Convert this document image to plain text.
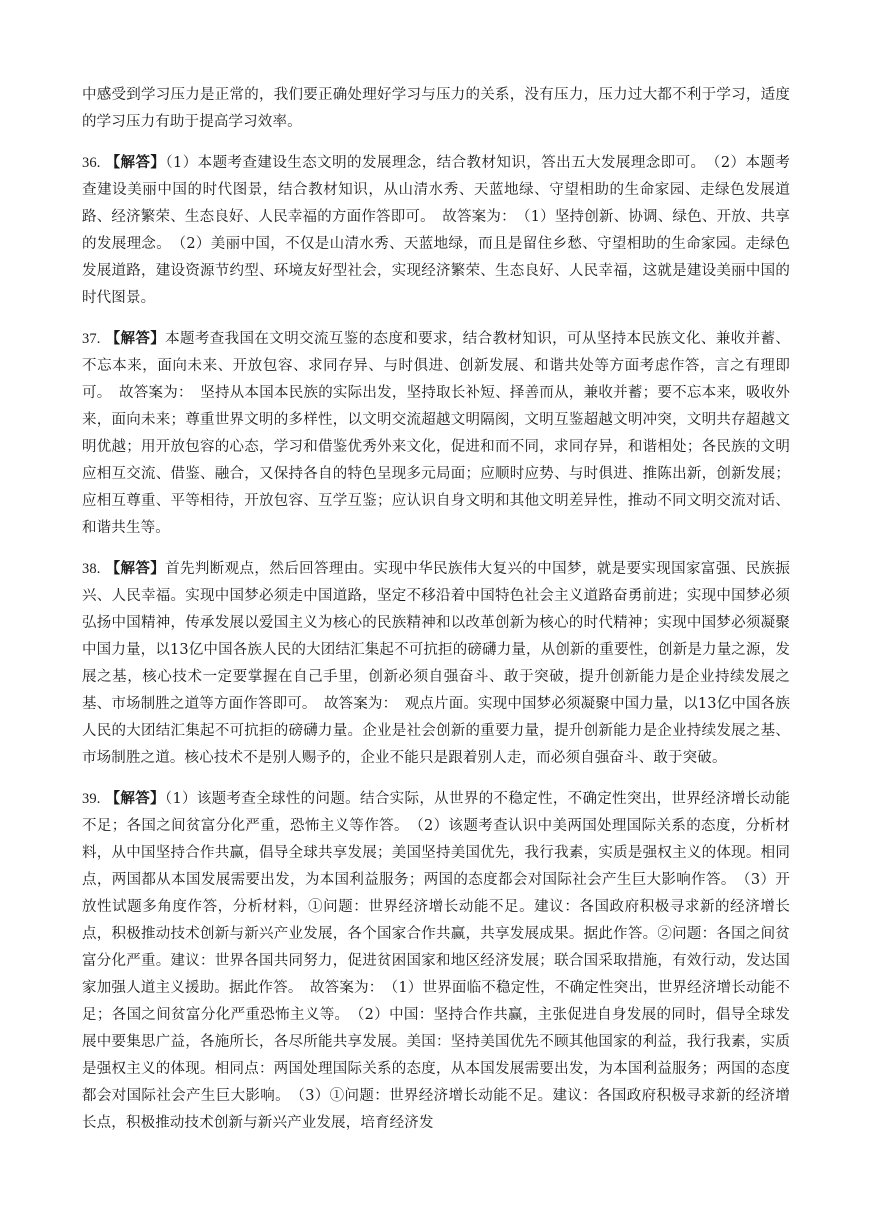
中感受到学习压力是正常的，我们要正确处理好学习与压力的关系，没有压力，压力过大都不利于学习，适度的学习压力有助于提高学习效率。

36. 【解答】（1）本题考查建设生态文明的发展理念，结合教材知识，答出五大发展理念即可。　（2）本题考查建设美丽中国的时代图景，结合教材知识，从山清水秀、天蓝地绿、守望相助的生命家园、走绿色发展道路、经济繁荣、生态良好、人民幸福的方面作答即可。　故答案为：　（1）坚持创新、协调、绿色、开放、共享的发展理念。　（2）美丽中国，不仅是山清水秀、天蓝地绿，而且是留住乡愁、守望相助的生命家园。走绿色发展道路，建设资源节约型、环境友好型社会，实现经济繁荣、生态良好、人民幸福，这就是建设美丽中国的时代图景。

37. 【解答】本题考查我国在文明交流互鉴的态度和要求，结合教材知识，可从坚持本民族文化、兼收并蓄、不忘本来，面向未来、开放包容、求同存异、与时俱进、创新发展、和谐共处等方面考虑作答，言之有理即可。　故答案为：　坚持从本国本民族的实际出发，坚持取长补短、择善而从，兼收并蓄；要不忘本来，吸收外来，面向未来；尊重世界文明的多样性，以文明交流超越文明隔阂，文明互鉴超越文明冲突，文明共存超越文明优越；用开放包容的心态，学习和借鉴优秀外来文化，促进和而不同，求同存异，和谐相处；各民族的文明应相互交流、借鉴、融合，又保持各自的特色呈现多元局面；应顺时应势、与时俱进、推陈出新，创新发展；应相互尊重、平等相待，开放包容、互学互鉴；应认识自身文明和其他文明差异性，推动不同文明交流对话、和谐共生等。

38. 【解答】首先判断观点，然后回答理由。实现中华民族伟大复兴的中国梦，就是要实现国家富强、民族振兴、人民幸福。实现中国梦必须走中国道路，坚定不移沿着中国特色社会主义道路奋勇前进；实现中国梦必须弘扬中国精神，传承发展以爱国主义为核心的民族精神和以改革创新为核心的时代精神；实现中国梦必须凝聚中国力量，以13亿中国各族人民的大团结汇集起不可抗拒的磅礴力量，从创新的重要性，创新是力量之源，发展之基，核心技术一定要掌握在自己手里，创新必须自强奋斗、敢于突破，提升创新能力是企业持续发展之基、市场制胜之道等方面作答即可。　故答案为：　观点片面。实现中国梦必须凝聚中国力量，以13亿中国各族人民的大团结汇集起不可抗拒的磅礴力量。企业是社会创新的重要力量，提升创新能力是企业持续发展之基、市场制胜之道。核心技术不是别人赐予的，企业不能只是跟着别人走，而必须自强奋斗、敢于突破。

39. 【解答】（1）该题考查全球性的问题。结合实际，从世界的不稳定性，不确定性突出，世界经济增长动能不足；各国之间贫富分化严重，恐怖主义等作答。　（2）该题考查认识中美两国处理国际关系的态度，分析材料，从中国坚持合作共赢，倡导全球共享发展；美国坚持美国优先，我行我素，实质是强权主义的体现。相同点，两国都从本国发展需要出发，为本国利益服务；两国的态度都会对国际社会产生巨大影响作答。　（3）开放性试题多角度作答，分析材料，①问题：世界经济增长动能不足。建议：各国政府积极寻求新的经济增长点，积极推动技术创新与新兴产业发展，各个国家合作共赢，共享发展成果。据此作答。②问题：各国之间贫富分化严重。建议：世界各国共同努力，促进贫困国家和地区经济发展；联合国采取措施，有效行动，发达国家加强人道主义援助。据此作答。　故答案为：　（1）世界面临不稳定性，不确定性突出，世界经济增长动能不足；各国之间贫富分化严重恐怖主义等。　（2）中国：坚持合作共赢，主张促进自身发展的同时，倡导全球发展中要集思广益，各施所长，各尽所能共享发展。美国：坚持美国优先不顾其他国家的利益，我行我素，实质是强权主义的体现。相同点：两国处理国际关系的态度，从本国发展需要出发，为本国利益服务；两国的态度都会对国际社会产生巨大影响。　（3）①问题：世界经济增长动能不足。建议：各国政府积极寻求新的经济增长点，积极推动技术创新与新兴产业发展，培育经济发
